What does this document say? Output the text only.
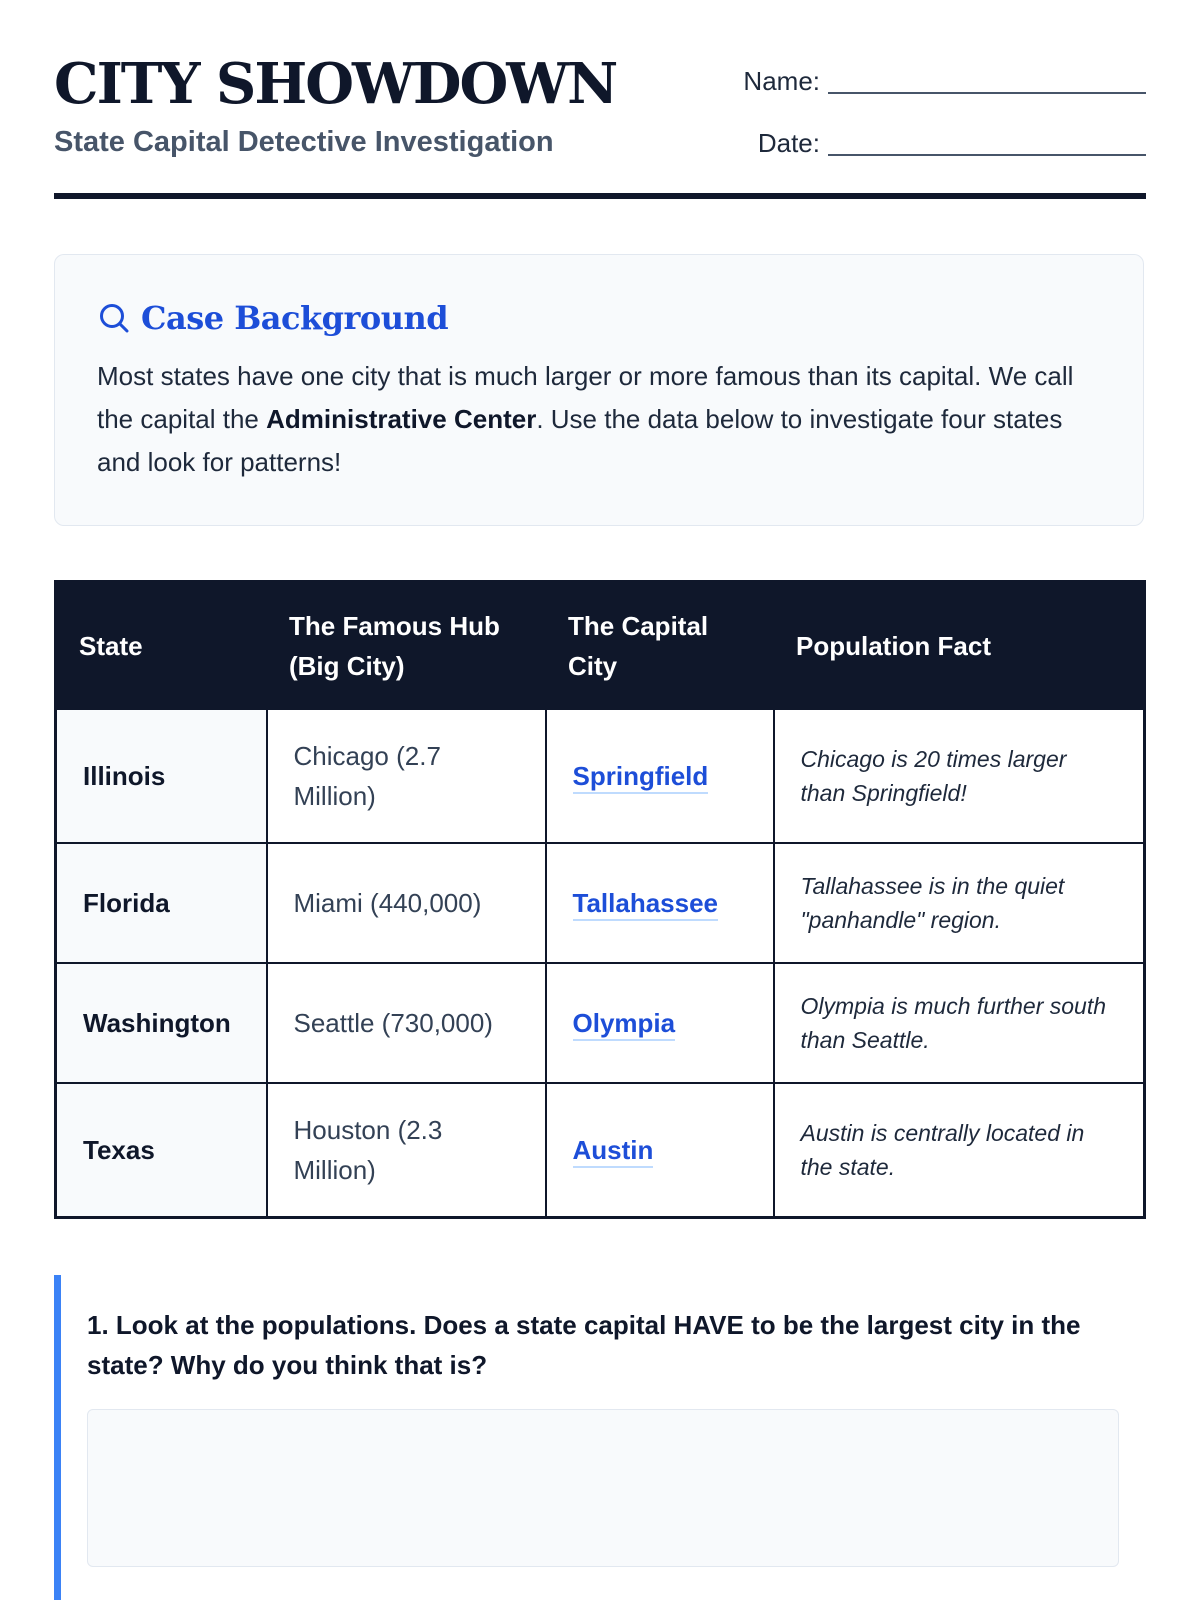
CITY SHOWDOWN
State Capital Detective Investigation
Name:
Date:
Case Background
Most states have one city that is much larger or more famous than its capital. We call the capital the Administrative Center. Use the data below to investigate four states and look for patterns!
State	The Famous Hub (Big City)	The Capital City	Population Fact
Illinois	Chicago (2.7 Million)	Springfield	Chicago is 20 times larger than Springfield!
Florida	Miami (440,000)	Tallahassee	Tallahassee is in the quiet "panhandle" region.
Washington	Seattle (730,000)	Olympia	Olympia is much further south than Seattle.
Texas	Houston (2.3 Million)	Austin	Austin is centrally located in the state.
1. Look at the populations. Does a state capital HAVE to be the largest city in the state? Why do you think that is?
